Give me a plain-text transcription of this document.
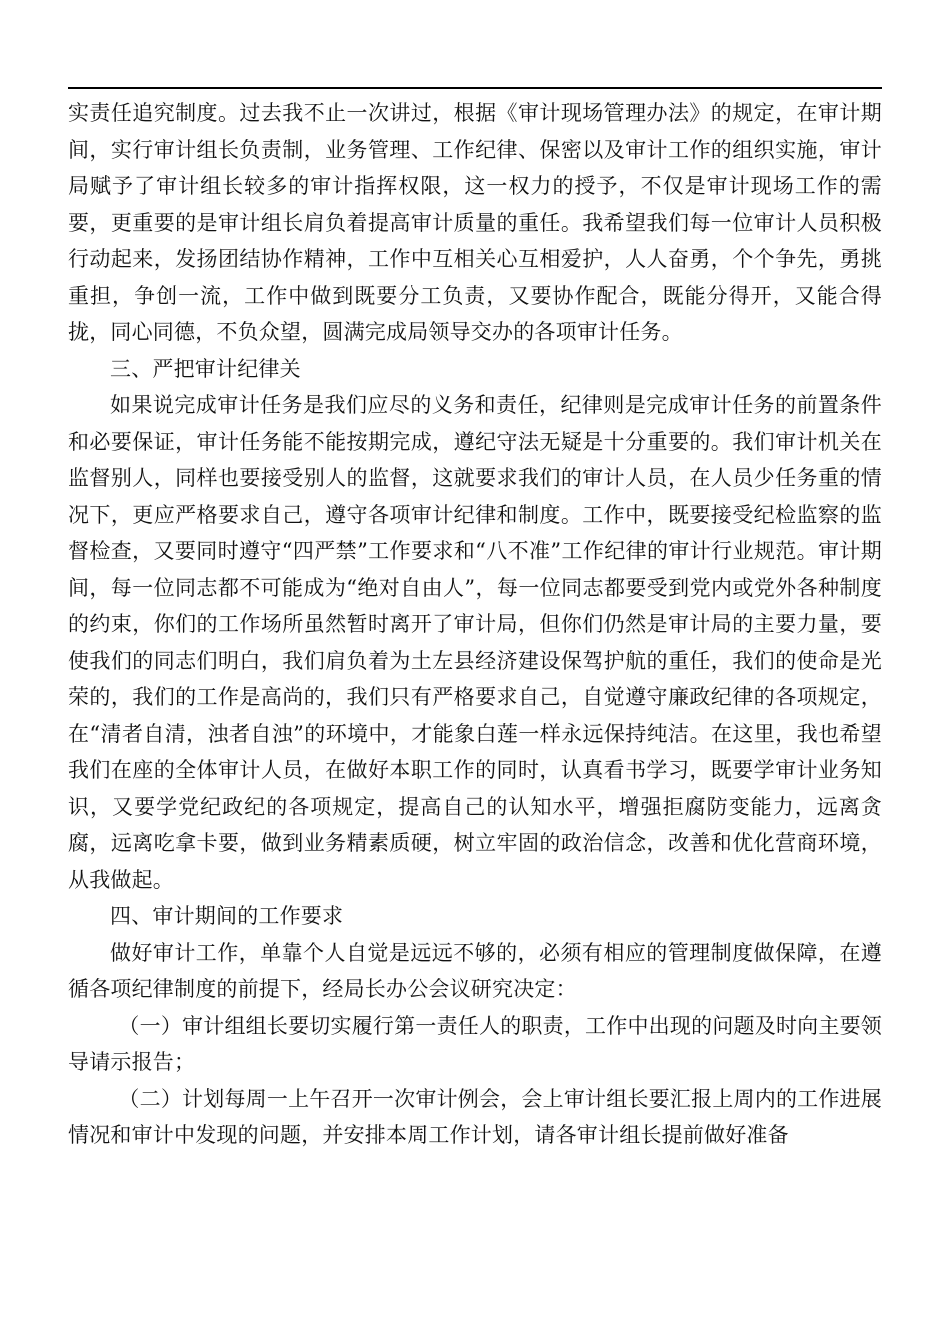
实责任追究制度。过去我不止一次讲过，根据《审计现场管理办法》的规定，在审计期间，实行审计组长负责制，业务管理、工作纪律、保密以及审计工作的组织实施，审计局赋予了审计组长较多的审计指挥权限，这一权力的授予，不仅是审计现场工作的需要，更重要的是审计组长肩负着提高审计质量的重任。我希望我们每一位审计人员积极行动起来，发扬团结协作精神，工作中互相关心互相爱护，人人奋勇，个个争先，勇挑重担，争创一流，工作中做到既要分工负责，又要协作配合，既能分得开，又能合得拢，同心同德，不负众望，圆满完成局领导交办的各项审计任务。

三、严把审计纪律关

如果说完成审计任务是我们应尽的义务和责任，纪律则是完成审计任务的前置条件和必要保证，审计任务能不能按期完成，遵纪守法无疑是十分重要的。我们审计机关在监督别人，同样也要接受别人的监督，这就要求我们的审计人员，在人员少任务重的情况下，更应严格要求自己，遵守各项审计纪律和制度。工作中，既要接受纪检监察的监督检查，又要同时遵守“四严禁”工作要求和“八不准”工作纪律的审计行业规范。审计期间，每一位同志都不可能成为“绝对自由人”，每一位同志都要受到党内或党外各种制度的约束，你们的工作场所虽然暂时离开了审计局，但你们仍然是审计局的主要力量，要使我们的同志们明白，我们肩负着为土左县经济建设保驾护航的重任，我们的使命是光荣的，我们的工作是高尚的，我们只有严格要求自己，自觉遵守廉政纪律的各项规定，在“清者自清，浊者自浊”的环境中，才能象白莲一样永远保持纯洁。在这里，我也希望我们在座的全体审计人员，在做好本职工作的同时，认真看书学习，既要学审计业务知识，又要学党纪政纪的各项规定，提高自己的认知水平，增强拒腐防变能力，远离贪腐，远离吃拿卡要，做到业务精素质硬，树立牢固的政治信念，改善和优化营商环境，从我做起。

四、审计期间的工作要求

做好审计工作，单靠个人自觉是远远不够的，必须有相应的管理制度做保障，在遵循各项纪律制度的前提下，经局长办公会议研究决定：

（一）审计组组长要切实履行第一责任人的职责，工作中出现的问题及时向主要领导请示报告；

（二）计划每周一上午召开一次审计例会，会上审计组长要汇报上周内的工作进展情况和审计中发现的问题，并安排本周工作计划，请各审计组长提前做好准备
